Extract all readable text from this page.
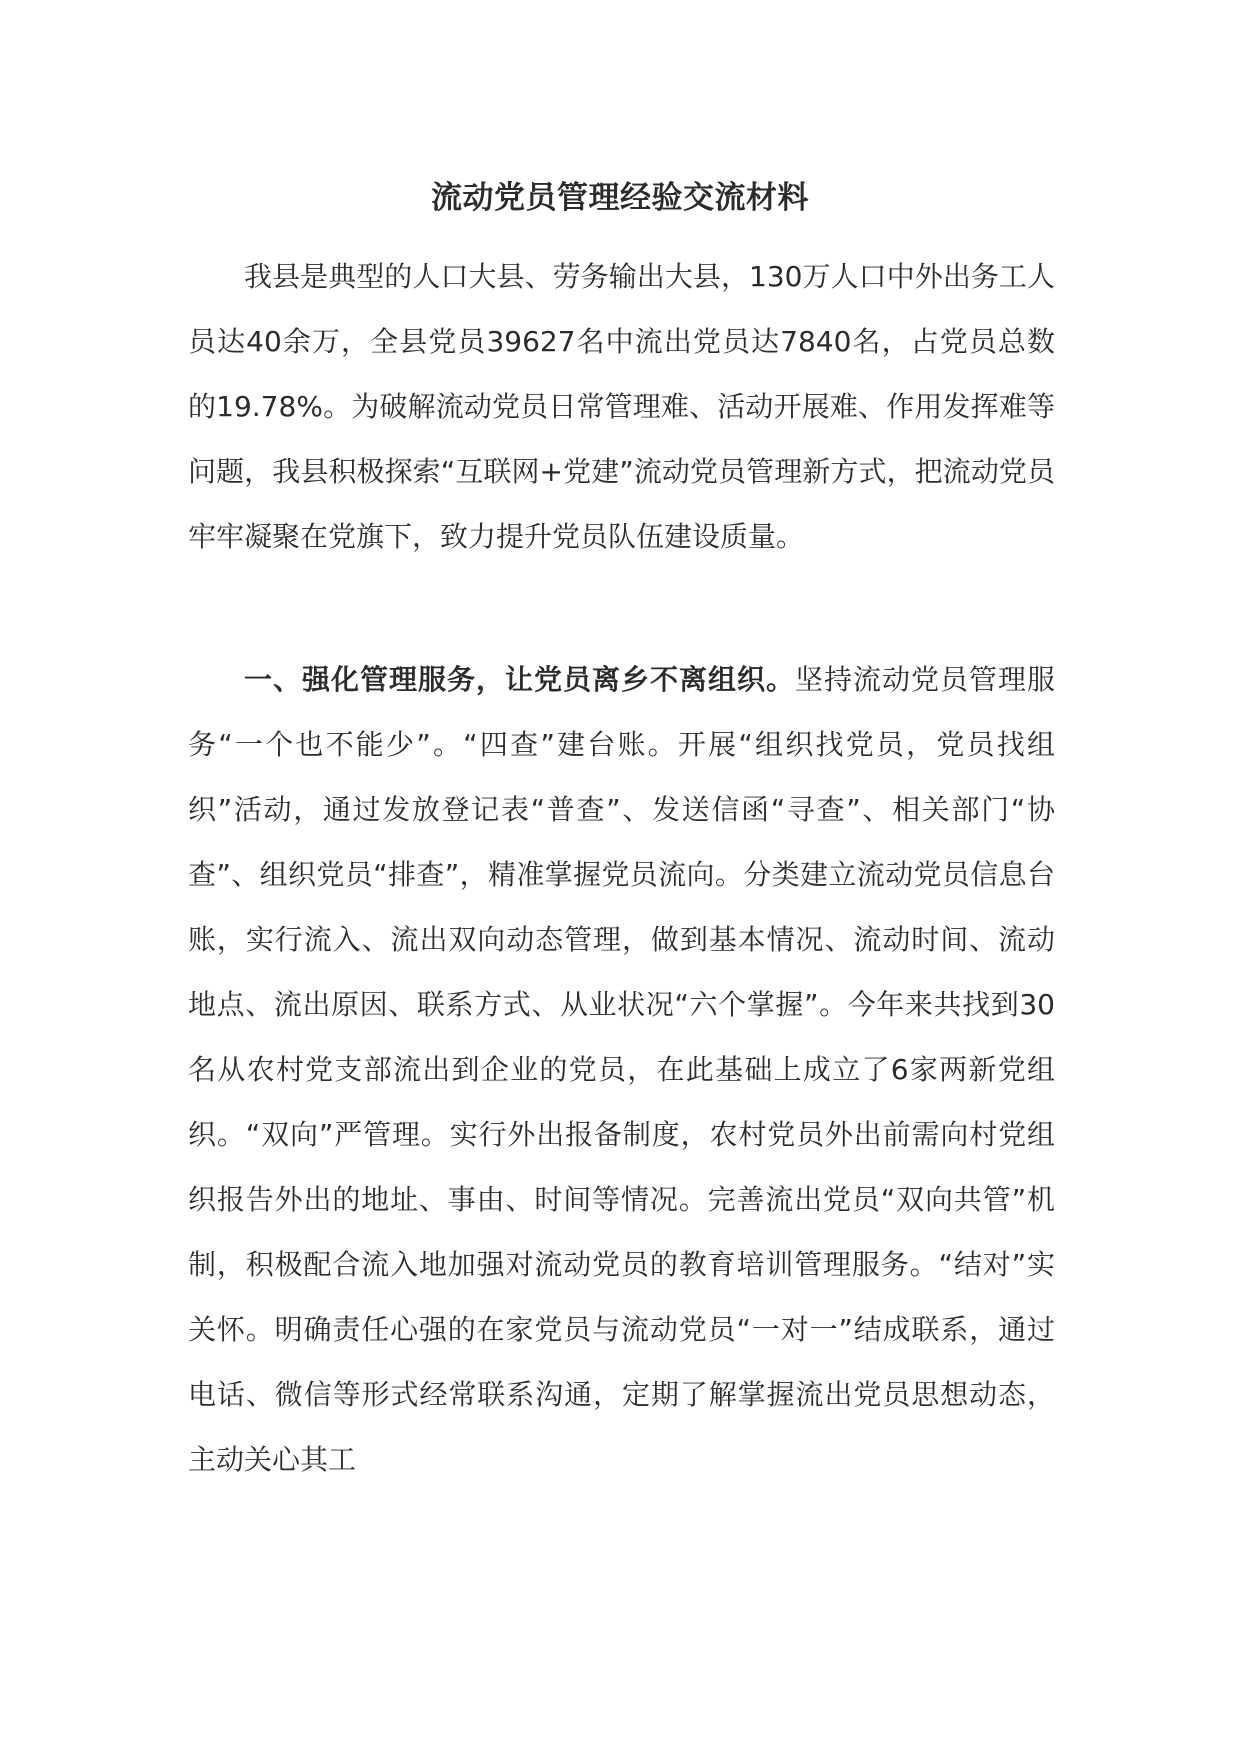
流动党员管理经验交流材料

我县是典型的人口大县、劳务输出大县，130万人口中外出务工人员达40余万，全县党员39627名中流出党员达7840名，占党员总数的19.78%。为破解流动党员日常管理难、活动开展难、作用发挥难等问题，我县积极探索“互联网+党建”流动党员管理新方式，把流动党员牢牢凝聚在党旗下，致力提升党员队伍建设质量。

一、强化管理服务，让党员离乡不离组织。坚持流动党员管理服务“一个也不能少”。“四查”建台账。开展“组织找党员，党员找组织”活动，通过发放登记表“普查”、发送信函“寻查”、相关部门“协查”、组织党员“排查”，精准掌握党员流向。分类建立流动党员信息台账，实行流入、流出双向动态管理，做到基本情况、流动时间、流动地点、流出原因、联系方式、从业状况“六个掌握”。今年来共找到30名从农村党支部流出到企业的党员，在此基础上成立了6家两新党组织。“双向”严管理。实行外出报备制度，农村党员外出前需向村党组织报告外出的地址、事由、时间等情况。完善流出党员“双向共管”机制，积极配合流入地加强对流动党员的教育培训管理服务。“结对”实关怀。明确责任心强的在家党员与流动党员“一对一”结成联系，通过电话、微信等形式经常联系沟通，定期了解掌握流出党员思想动态，主动关心其工
